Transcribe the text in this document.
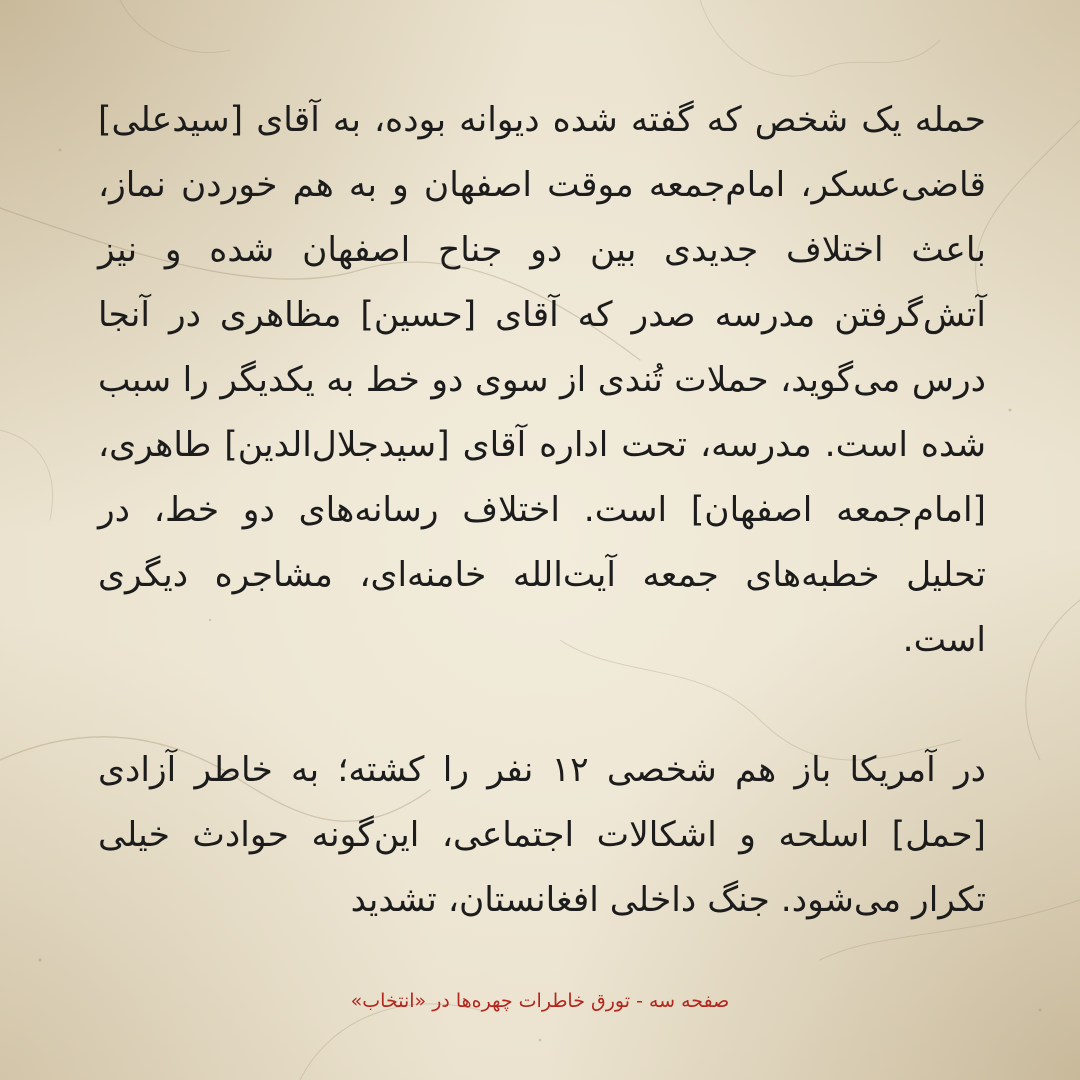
حمله یک شخص که گفته شده دیوانه بوده، به آقای [سیدعلی] قاضی‌عسکر، امام‌جمعه موقت اصفهان و به هم خوردن نماز، باعث اختلاف جدیدی بین دو جناح اصفهان شده و نیز آتش‌گرفتن مدرسه صدر که آقای [حسین] مظاهری در آنجا درس می‌گوید، حملات تُندی از سوی دو خط به یکدیگر را سبب شده است. مدرسه، تحت اداره آقای [سیدجلال‌الدین] طاهری، [امام‌جمعه اصفهان] است. اختلاف رسانه‌های دو خط، در تحلیل خطبه‌های جمعه آیت‌الله خامنه‌ای، مشاجره دیگری است.

در آمریکا باز هم شخصی ۱۲ نفر را کشته؛ به خاطر آزادی [حمل] اسلحه و اشکالات اجتماعی، این‌گونه حوادث خیلی تکرار می‌شود. جنگ داخلی افغانستان، تشدید

صفحه سه - تورق خاطرات چهره‌ها در «انتخاب»
